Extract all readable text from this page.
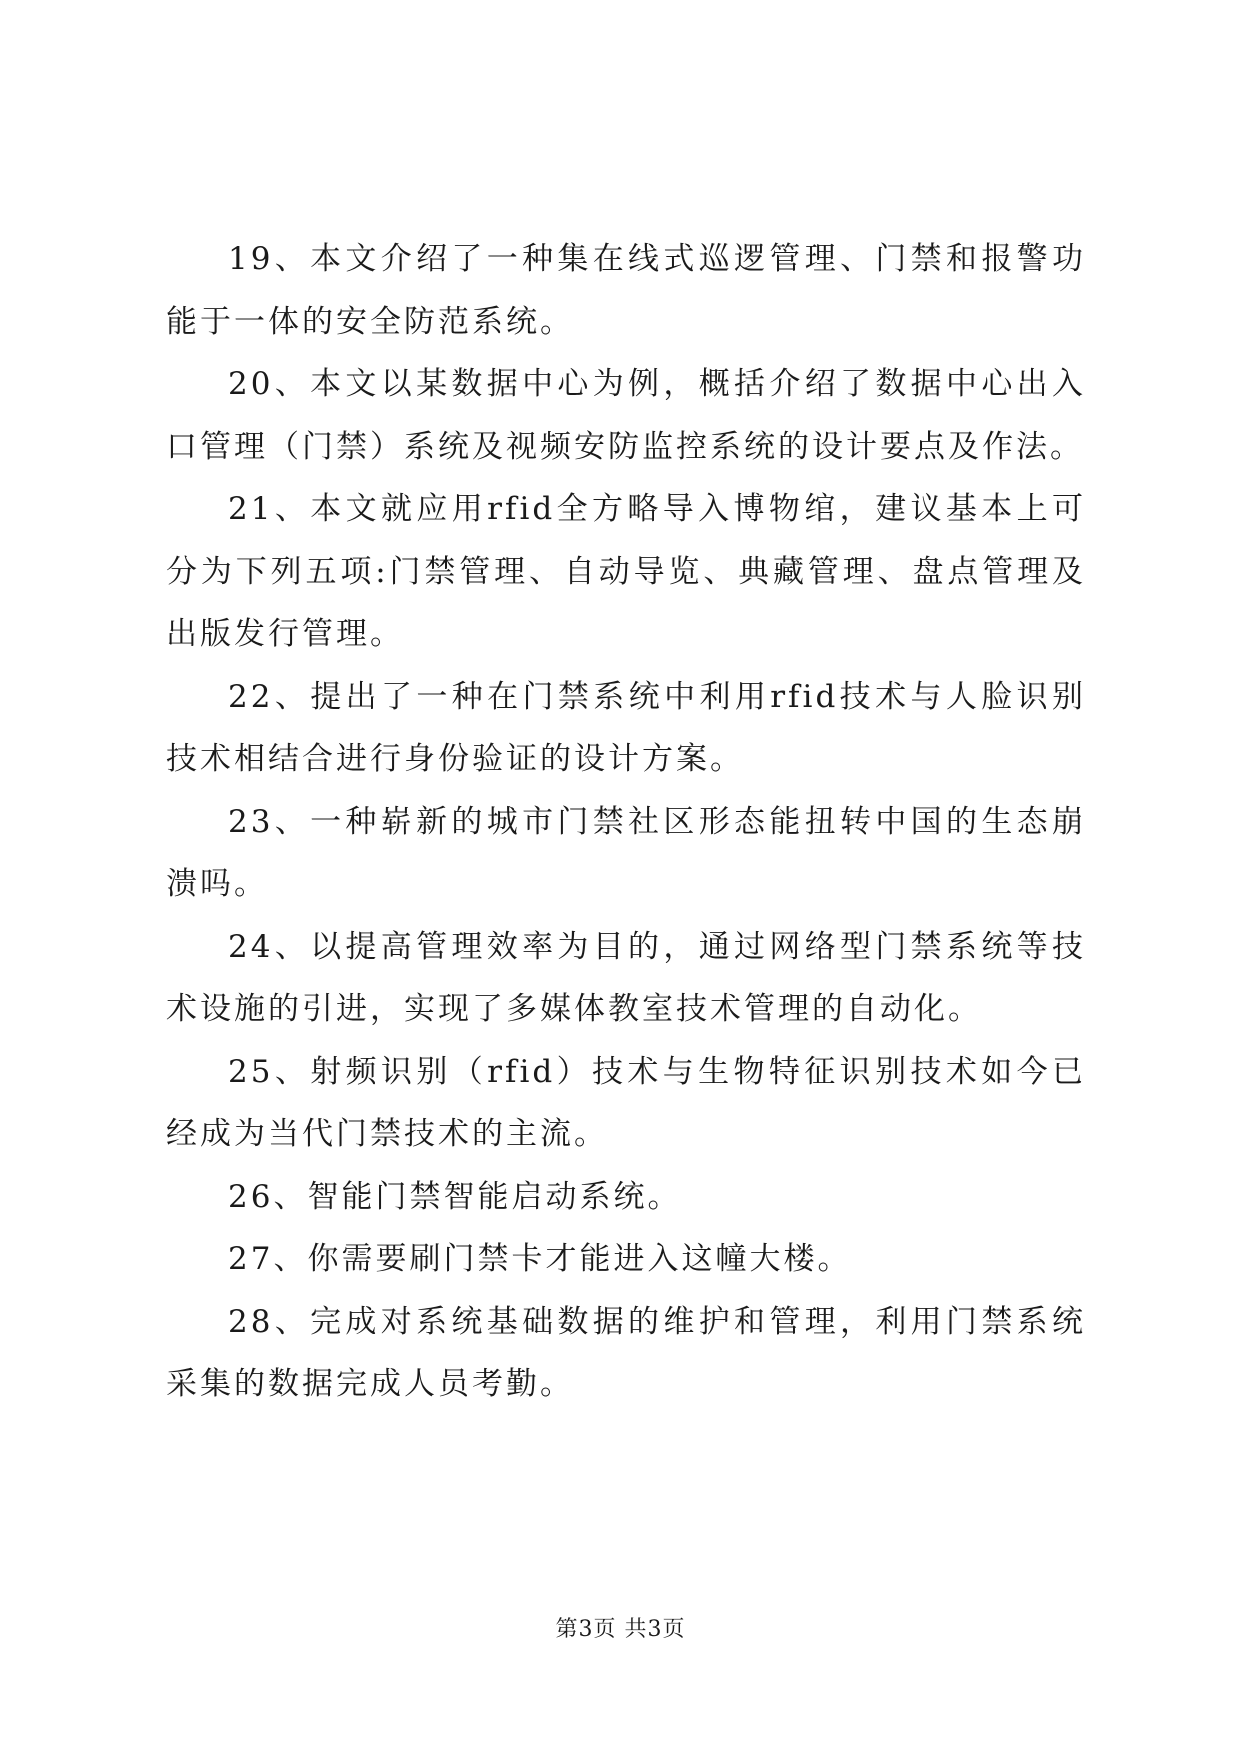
19、本文介绍了一种集在线式巡逻管理、门禁和报警功能于一体的安全防范系统。

20、本文以某数据中心为例，概括介绍了数据中心出入口管理（门禁）系统及视频安防监控系统的设计要点及作法。

21、本文就应用rfid全方略导入博物绾，建议基本上可分为下列五项:门禁管理、自动导览、典藏管理、盘点管理及出版发行管理。

22、提出了一种在门禁系统中利用rfid技术与人脸识别技术相结合进行身份验证的设计方案。

23、一种崭新的城市门禁社区形态能扭转中国的生态崩溃吗。

24、以提高管理效率为目的，通过网络型门禁系统等技术设施的引进，实现了多媒体教室技术管理的自动化。

25、射频识别（rfid）技术与生物特征识别技术如今已经成为当代门禁技术的主流。

26、智能门禁智能启动系统。

27、你需要刷门禁卡才能进入这幢大楼。

28、完成对系统基础数据的维护和管理，利用门禁系统采集的数据完成人员考勤。

第3页 共3页
